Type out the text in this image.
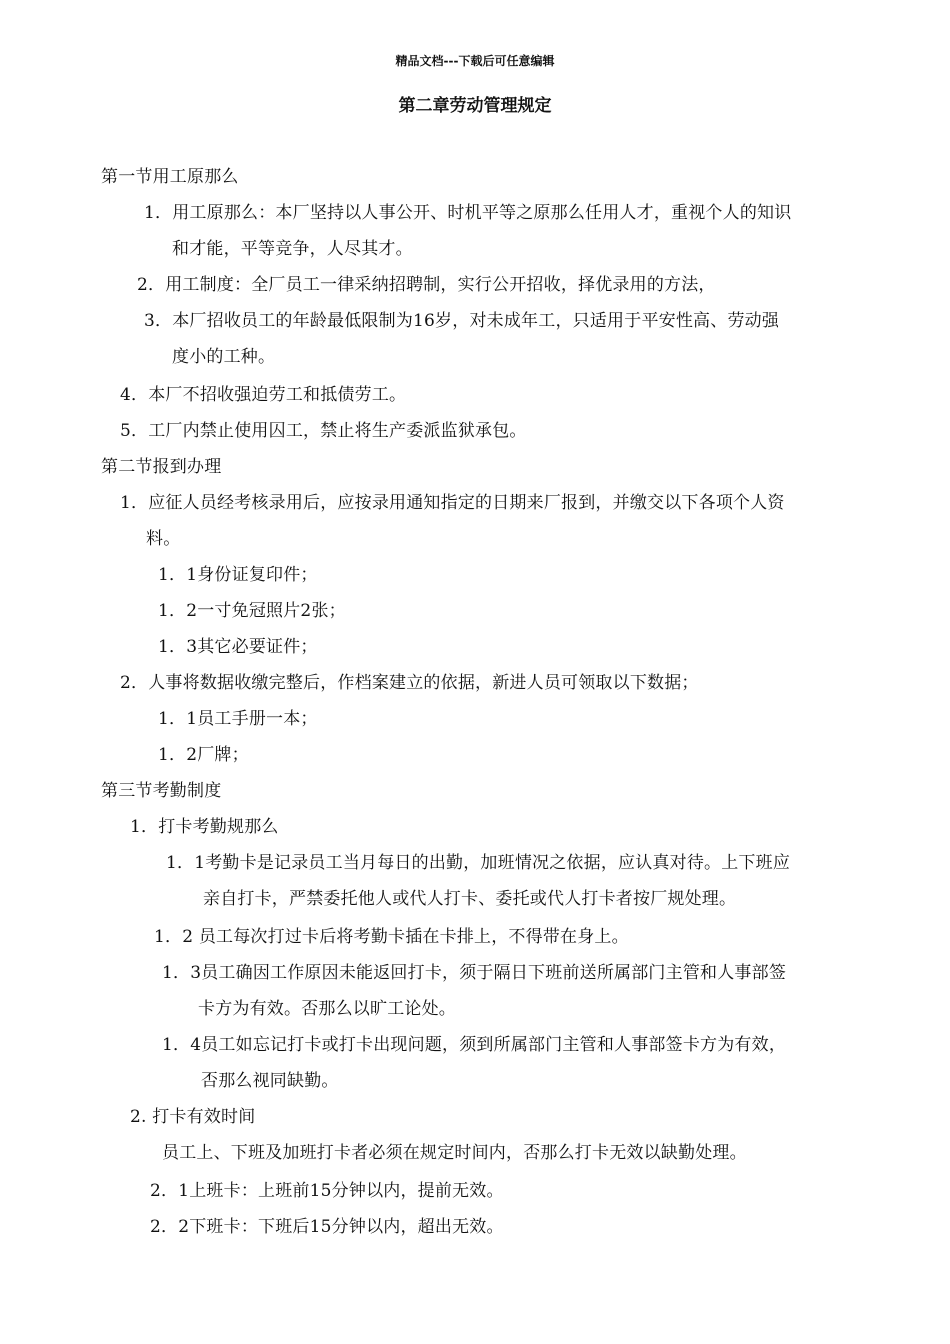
精品文档---下载后可任意编辑
第二章劳动管理规定
第一节用工原那么
1．用工原那么：本厂坚持以人事公开、时机平等之原那么任用人才，重视个人的知识
和才能，平等竞争，人尽其才。
2．用工制度：全厂员工一律采纳招聘制，实行公开招收，择优录用的方法，
3．本厂招收员工的年龄最低限制为16岁，对未成年工，只适用于平安性高、劳动强
度小的工种。
4．本厂不招收强迫劳工和抵债劳工。
5．工厂内禁止使用囚工，禁止将生产委派监狱承包。
第二节报到办理
1．应征人员经考核录用后，应按录用通知指定的日期来厂报到，并缴交以下各项个人资
料。
1．1身份证复印件；
1．2一寸免冠照片2张；
1．3其它必要证件；
2．人事将数据收缴完整后，作档案建立的依据，新进人员可领取以下数据；
1．1员工手册一本；
1．2厂牌；
第三节考勤制度
1．打卡考勤规那么
1．1考勤卡是记录员工当月每日的出勤，加班情况之依据，应认真对待。上下班应
亲自打卡，严禁委托他人或代人打卡、委托或代人打卡者按厂规处理。
1．2 员工每次打过卡后将考勤卡插在卡排上，不得带在身上。
1．3员工确因工作原因未能返回打卡，须于隔日下班前送所属部门主管和人事部签
卡方为有效。否那么以旷工论处。
1．4员工如忘记打卡或打卡出现问题，须到所属部门主管和人事部签卡方为有效，
否那么视同缺勤。
2. 打卡有效时间
员工上、下班及加班打卡者必须在规定时间内，否那么打卡无效以缺勤处理。
2．1上班卡：上班前15分钟以内，提前无效。
2．2下班卡：下班后15分钟以内，超出无效。
